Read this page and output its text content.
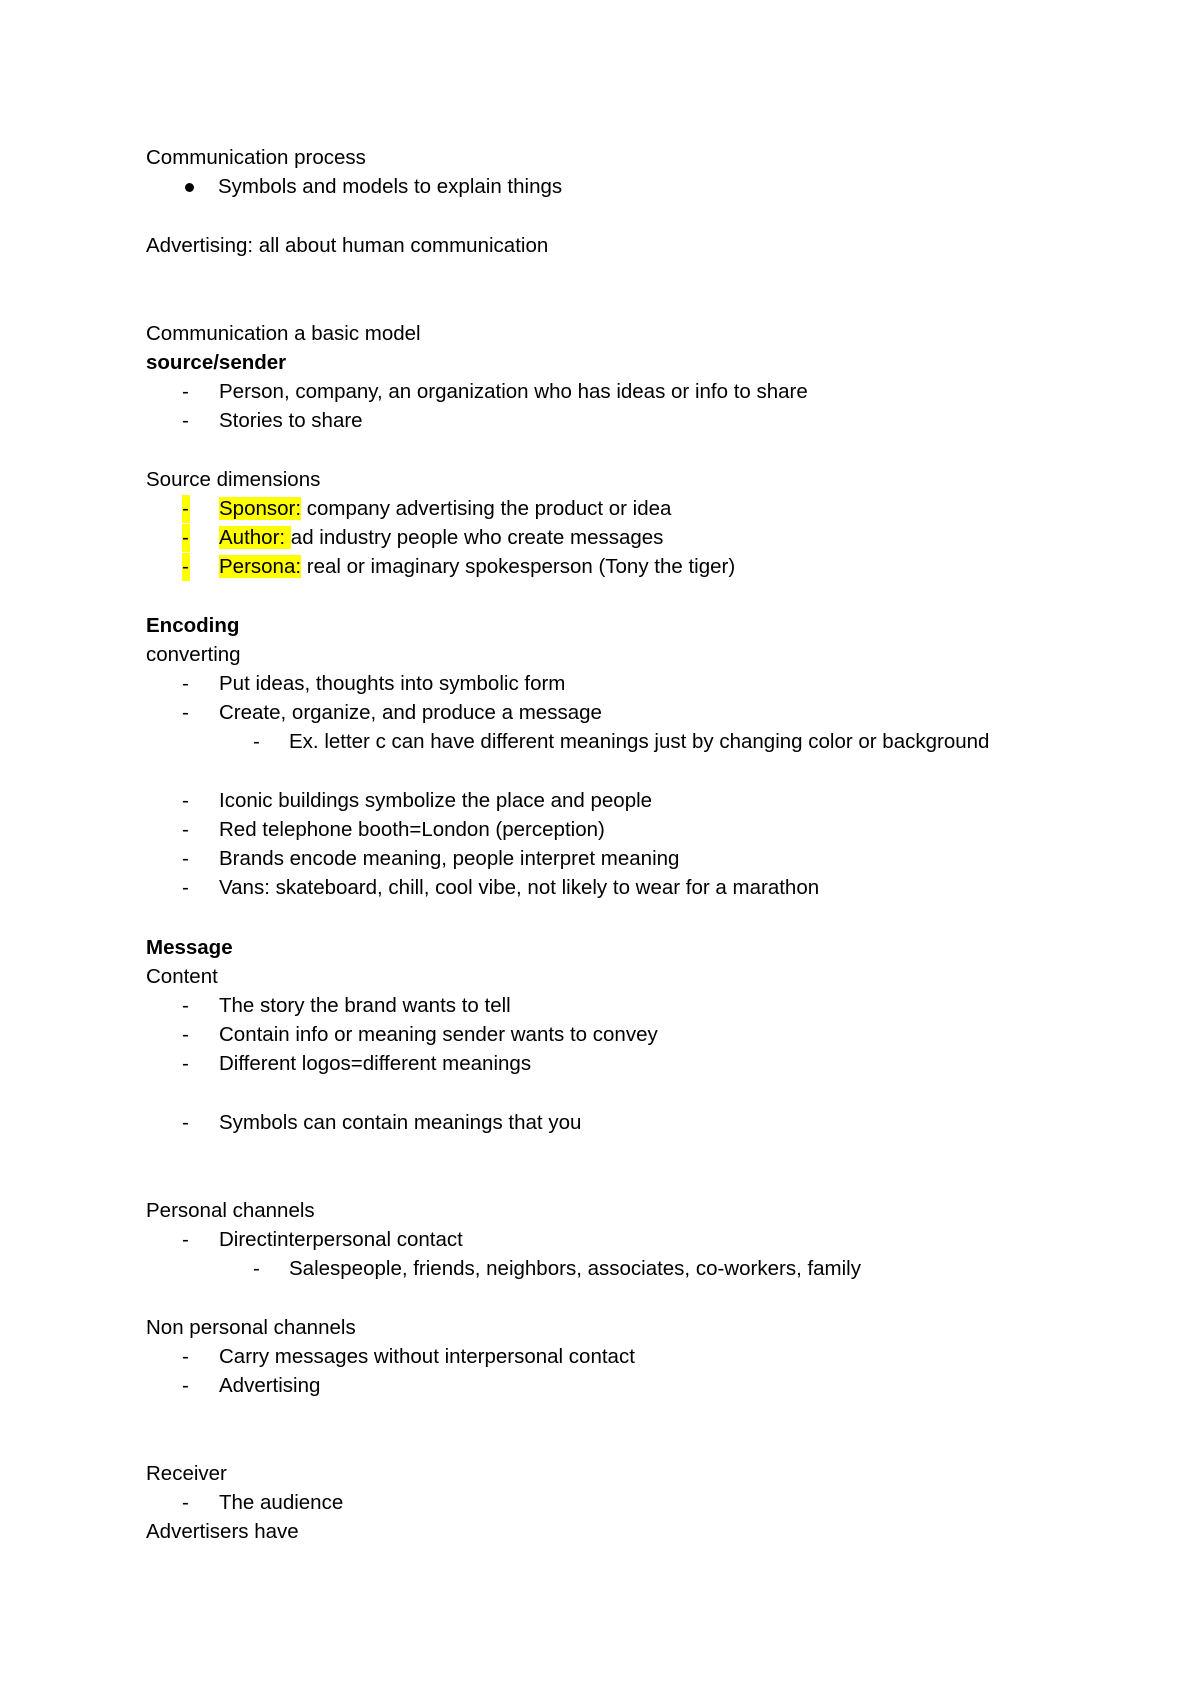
Communication process
Symbols and models to explain things
Advertising: all about human communication
Communication a basic model
source/sender
- Person, company, an organization who has ideas or info to share
- Stories to share
Source dimensions
- Sponsor: company advertising the product or idea
- Author: ad industry people who create messages
- Persona: real or imaginary spokesperson (Tony the tiger)
Encoding
converting
- Put ideas, thoughts into symbolic form
- Create, organize, and produce a message
- Ex. letter c can have different meanings just by changing color or background
- Iconic buildings symbolize the place and people
- Red telephone booth=London (perception)
- Brands encode meaning, people interpret meaning
- Vans: skateboard, chill, cool vibe, not likely to wear for a marathon
Message
Content
- The story the brand wants to tell
- Contain info or meaning sender wants to convey
- Different logos=different meanings
- Symbols can contain meanings that you
Personal channels
- Directinterpersonal contact
- Salespeople, friends, neighbors, associates, co-workers, family
Non personal channels
- Carry messages without interpersonal contact
- Advertising
Receiver
- The audience
Advertisers have
